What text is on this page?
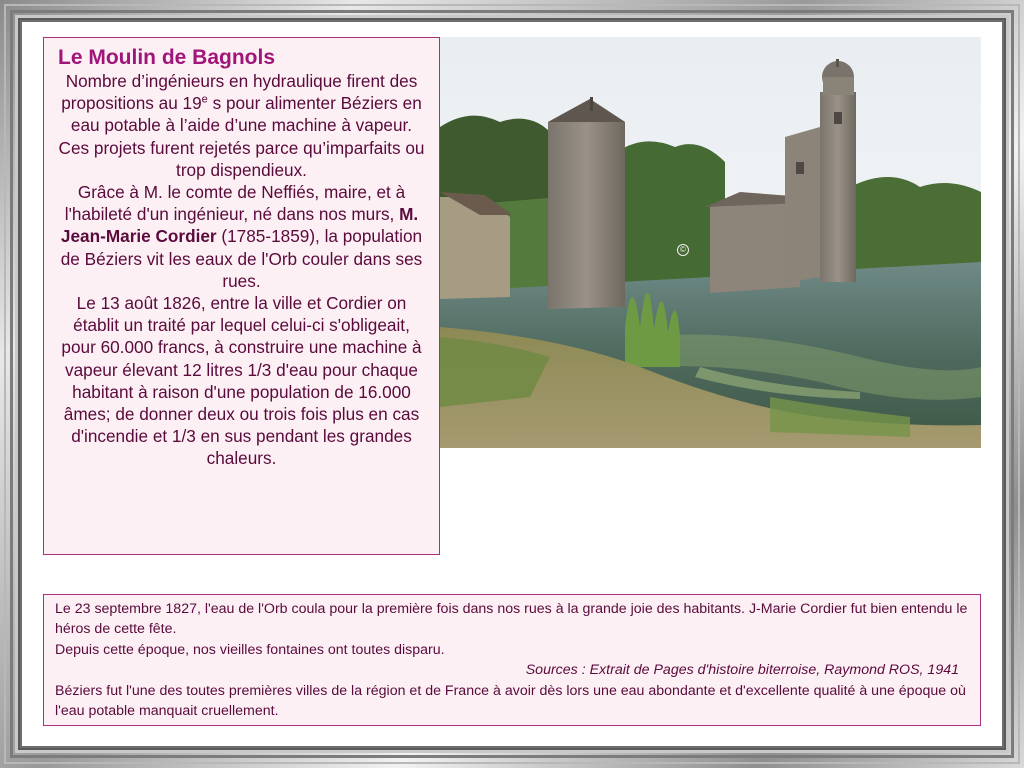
Le Moulin de Bagnols

Nombre d’ingénieurs en hydraulique firent des propositions au 19e s pour alimenter Béziers en eau potable à l’aide d’une machine à vapeur. Ces projets furent rejetés parce qu’imparfaits ou trop dispendieux.

Grâce à M. le comte de Neffiés, maire, et à l'habileté d'un ingénieur, né dans nos murs, M. Jean-Marie Cordier (1785-1859), la population de Béziers vit les eaux de l'Orb couler dans ses rues.

Le 13 août 1826, entre la ville et Cordier on établit un traité par lequel celui-ci s'obligeait, pour 60.000 francs, à construire une machine à vapeur élevant 12 litres 1/3 d'eau pour chaque habitant à raison d'une population de 16.000 âmes; de donner deux ou trois fois plus en cas d'incendie et 1/3 en sus pendant les grandes chaleurs.

©

Le 23 septembre 1827, l'eau de l'Orb coula pour la première fois dans nos rues à la grande joie des habitants. J-Marie Cordier fut bien entendu le héros de cette fête.

Depuis cette époque, nos vieilles fontaines ont toutes disparu.

Sources : Extrait de Pages d'histoire biterroise, Raymond ROS, 1941

Béziers fut l'une des toutes premières villes de la région et de France à avoir dès lors une eau abondante et d'excellente qualité à une époque où l'eau potable manquait cruellement.
